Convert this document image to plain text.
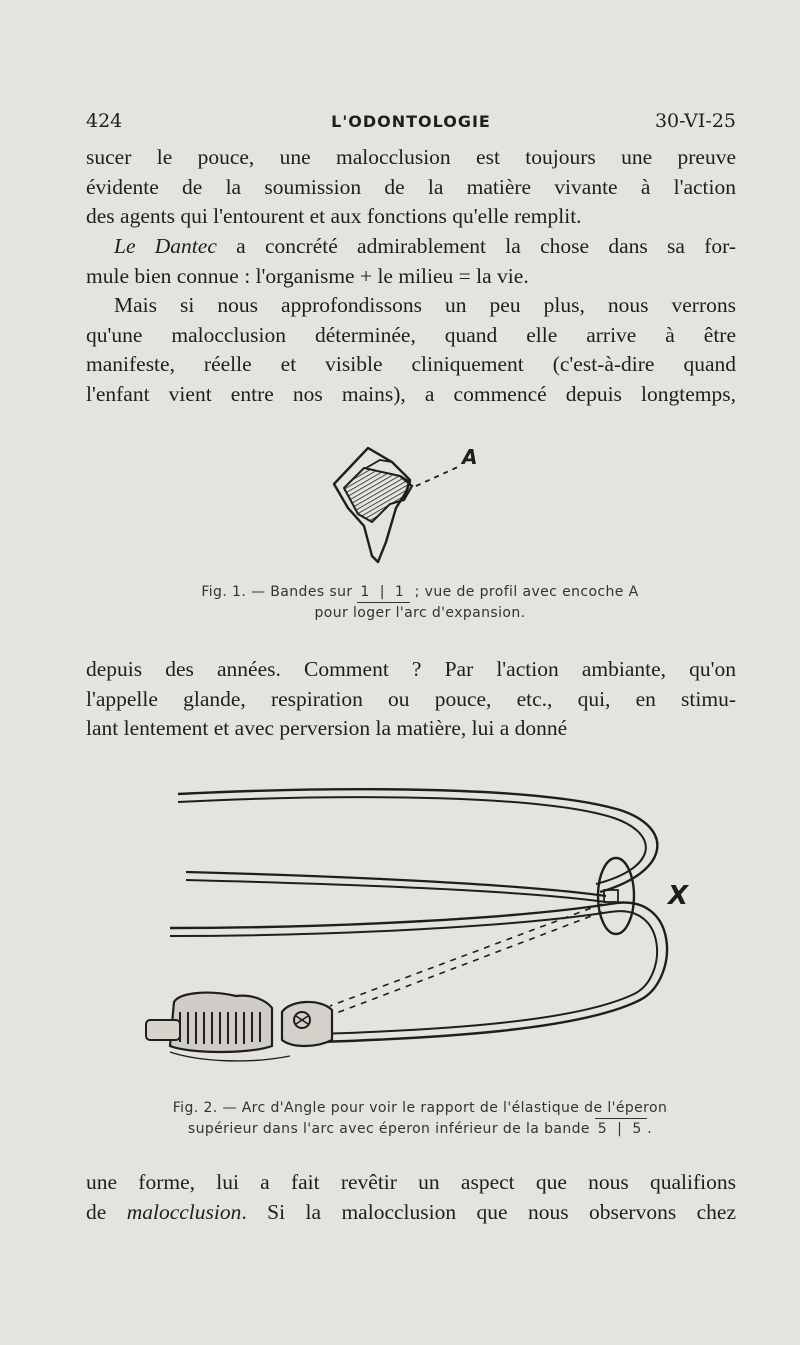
424	L'ODONTOLOGIE	30-VI-25
sucer le pouce, une malocclusion est toujours une preuve
évidente de la soumission de la matière vivante à l'action
des agents qui l'entourent et aux fonctions qu'elle remplit.
Le Dantec a concrété admirablement la chose dans sa for-
mule bien connue : l'organisme + le milieu = la vie.
Mais si nous approfondissons un peu plus, nous verrons
qu'une malocclusion déterminée, quand elle arrive à être
manifeste, réelle et visible cliniquement (c'est-à-dire quand
l'enfant vient entre nos mains), a commencé depuis longtemps,
A
Fig. 1. — Bandes sur 1 | 1 ; vue de profil avec encoche A
pour loger l'arc d'expansion.
depuis des années. Comment ? Par l'action ambiante, qu'on
l'appelle glande, respiration ou pouce, etc., qui, en stimu-
lant lentement et avec perversion la matière, lui a donné
X
Fig. 2. — Arc d'Angle pour voir le rapport de l'élastique de l'éperon
supérieur dans l'arc avec éperon inférieur de la bande 5 | 5 .
une forme, lui a fait revêtir un aspect que nous qualifions
de malocclusion. Si la malocclusion que nous observons chez
